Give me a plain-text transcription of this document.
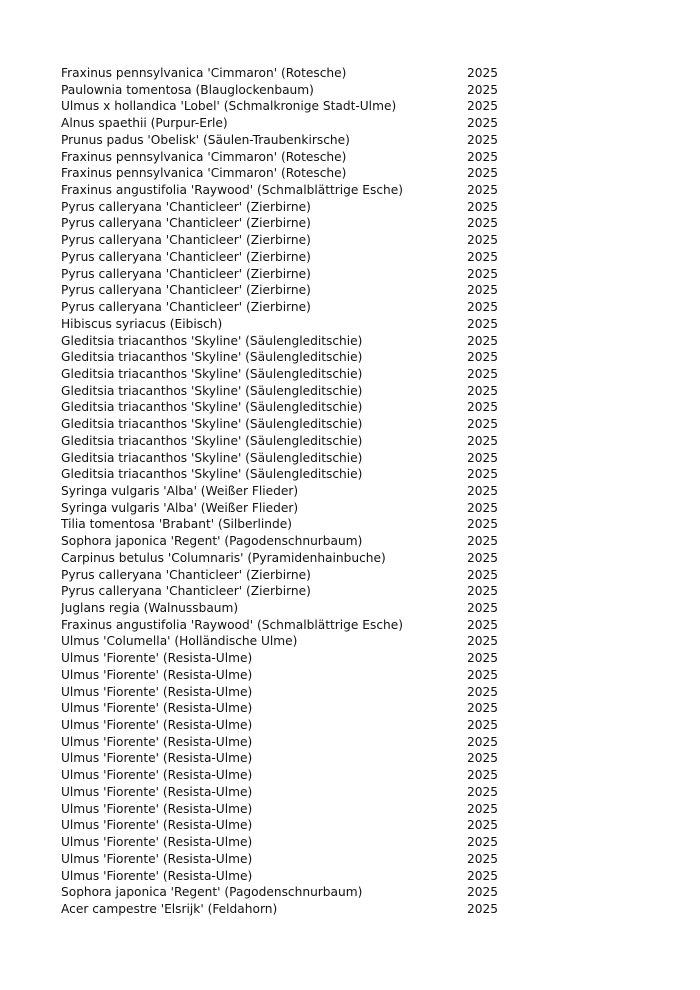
Fraxinus pennsylvanica 'Cimmaron' (Rotesche)	2025
Paulownia tomentosa (Blauglockenbaum)	2025
Ulmus x hollandica 'Lobel' (Schmalkronige Stadt-Ulme)	2025
Alnus spaethii (Purpur-Erle)	2025
Prunus padus 'Obelisk' (Säulen-Traubenkirsche)	2025
Fraxinus pennsylvanica 'Cimmaron' (Rotesche)	2025
Fraxinus pennsylvanica 'Cimmaron' (Rotesche)	2025
Fraxinus angustifolia 'Raywood' (Schmalblättrige Esche)	2025
Pyrus calleryana 'Chanticleer' (Zierbirne)	2025
Pyrus calleryana 'Chanticleer' (Zierbirne)	2025
Pyrus calleryana 'Chanticleer' (Zierbirne)	2025
Pyrus calleryana 'Chanticleer' (Zierbirne)	2025
Pyrus calleryana 'Chanticleer' (Zierbirne)	2025
Pyrus calleryana 'Chanticleer' (Zierbirne)	2025
Pyrus calleryana 'Chanticleer' (Zierbirne)	2025
Hibiscus syriacus (Eibisch)	2025
Gleditsia triacanthos 'Skyline' (Säulengleditschie)	2025
Gleditsia triacanthos 'Skyline' (Säulengleditschie)	2025
Gleditsia triacanthos 'Skyline' (Säulengleditschie)	2025
Gleditsia triacanthos 'Skyline' (Säulengleditschie)	2025
Gleditsia triacanthos 'Skyline' (Säulengleditschie)	2025
Gleditsia triacanthos 'Skyline' (Säulengleditschie)	2025
Gleditsia triacanthos 'Skyline' (Säulengleditschie)	2025
Gleditsia triacanthos 'Skyline' (Säulengleditschie)	2025
Gleditsia triacanthos 'Skyline' (Säulengleditschie)	2025
Syringa vulgaris 'Alba' (Weißer Flieder)	2025
Syringa vulgaris 'Alba' (Weißer Flieder)	2025
Tilia tomentosa 'Brabant' (Silberlinde)	2025
Sophora japonica 'Regent' (Pagodenschnurbaum)	2025
Carpinus betulus 'Columnaris' (Pyramidenhainbuche)	2025
Pyrus calleryana 'Chanticleer' (Zierbirne)	2025
Pyrus calleryana 'Chanticleer' (Zierbirne)	2025
Juglans regia (Walnussbaum)	2025
Fraxinus angustifolia 'Raywood' (Schmalblättrige Esche)	2025
Ulmus 'Columella' (Holländische Ulme)	2025
Ulmus 'Fiorente' (Resista-Ulme)	2025
Ulmus 'Fiorente' (Resista-Ulme)	2025
Ulmus 'Fiorente' (Resista-Ulme)	2025
Ulmus 'Fiorente' (Resista-Ulme)	2025
Ulmus 'Fiorente' (Resista-Ulme)	2025
Ulmus 'Fiorente' (Resista-Ulme)	2025
Ulmus 'Fiorente' (Resista-Ulme)	2025
Ulmus 'Fiorente' (Resista-Ulme)	2025
Ulmus 'Fiorente' (Resista-Ulme)	2025
Ulmus 'Fiorente' (Resista-Ulme)	2025
Ulmus 'Fiorente' (Resista-Ulme)	2025
Ulmus 'Fiorente' (Resista-Ulme)	2025
Ulmus 'Fiorente' (Resista-Ulme)	2025
Ulmus 'Fiorente' (Resista-Ulme)	2025
Sophora japonica 'Regent' (Pagodenschnurbaum)	2025
Acer campestre 'Elsrijk' (Feldahorn)	2025
